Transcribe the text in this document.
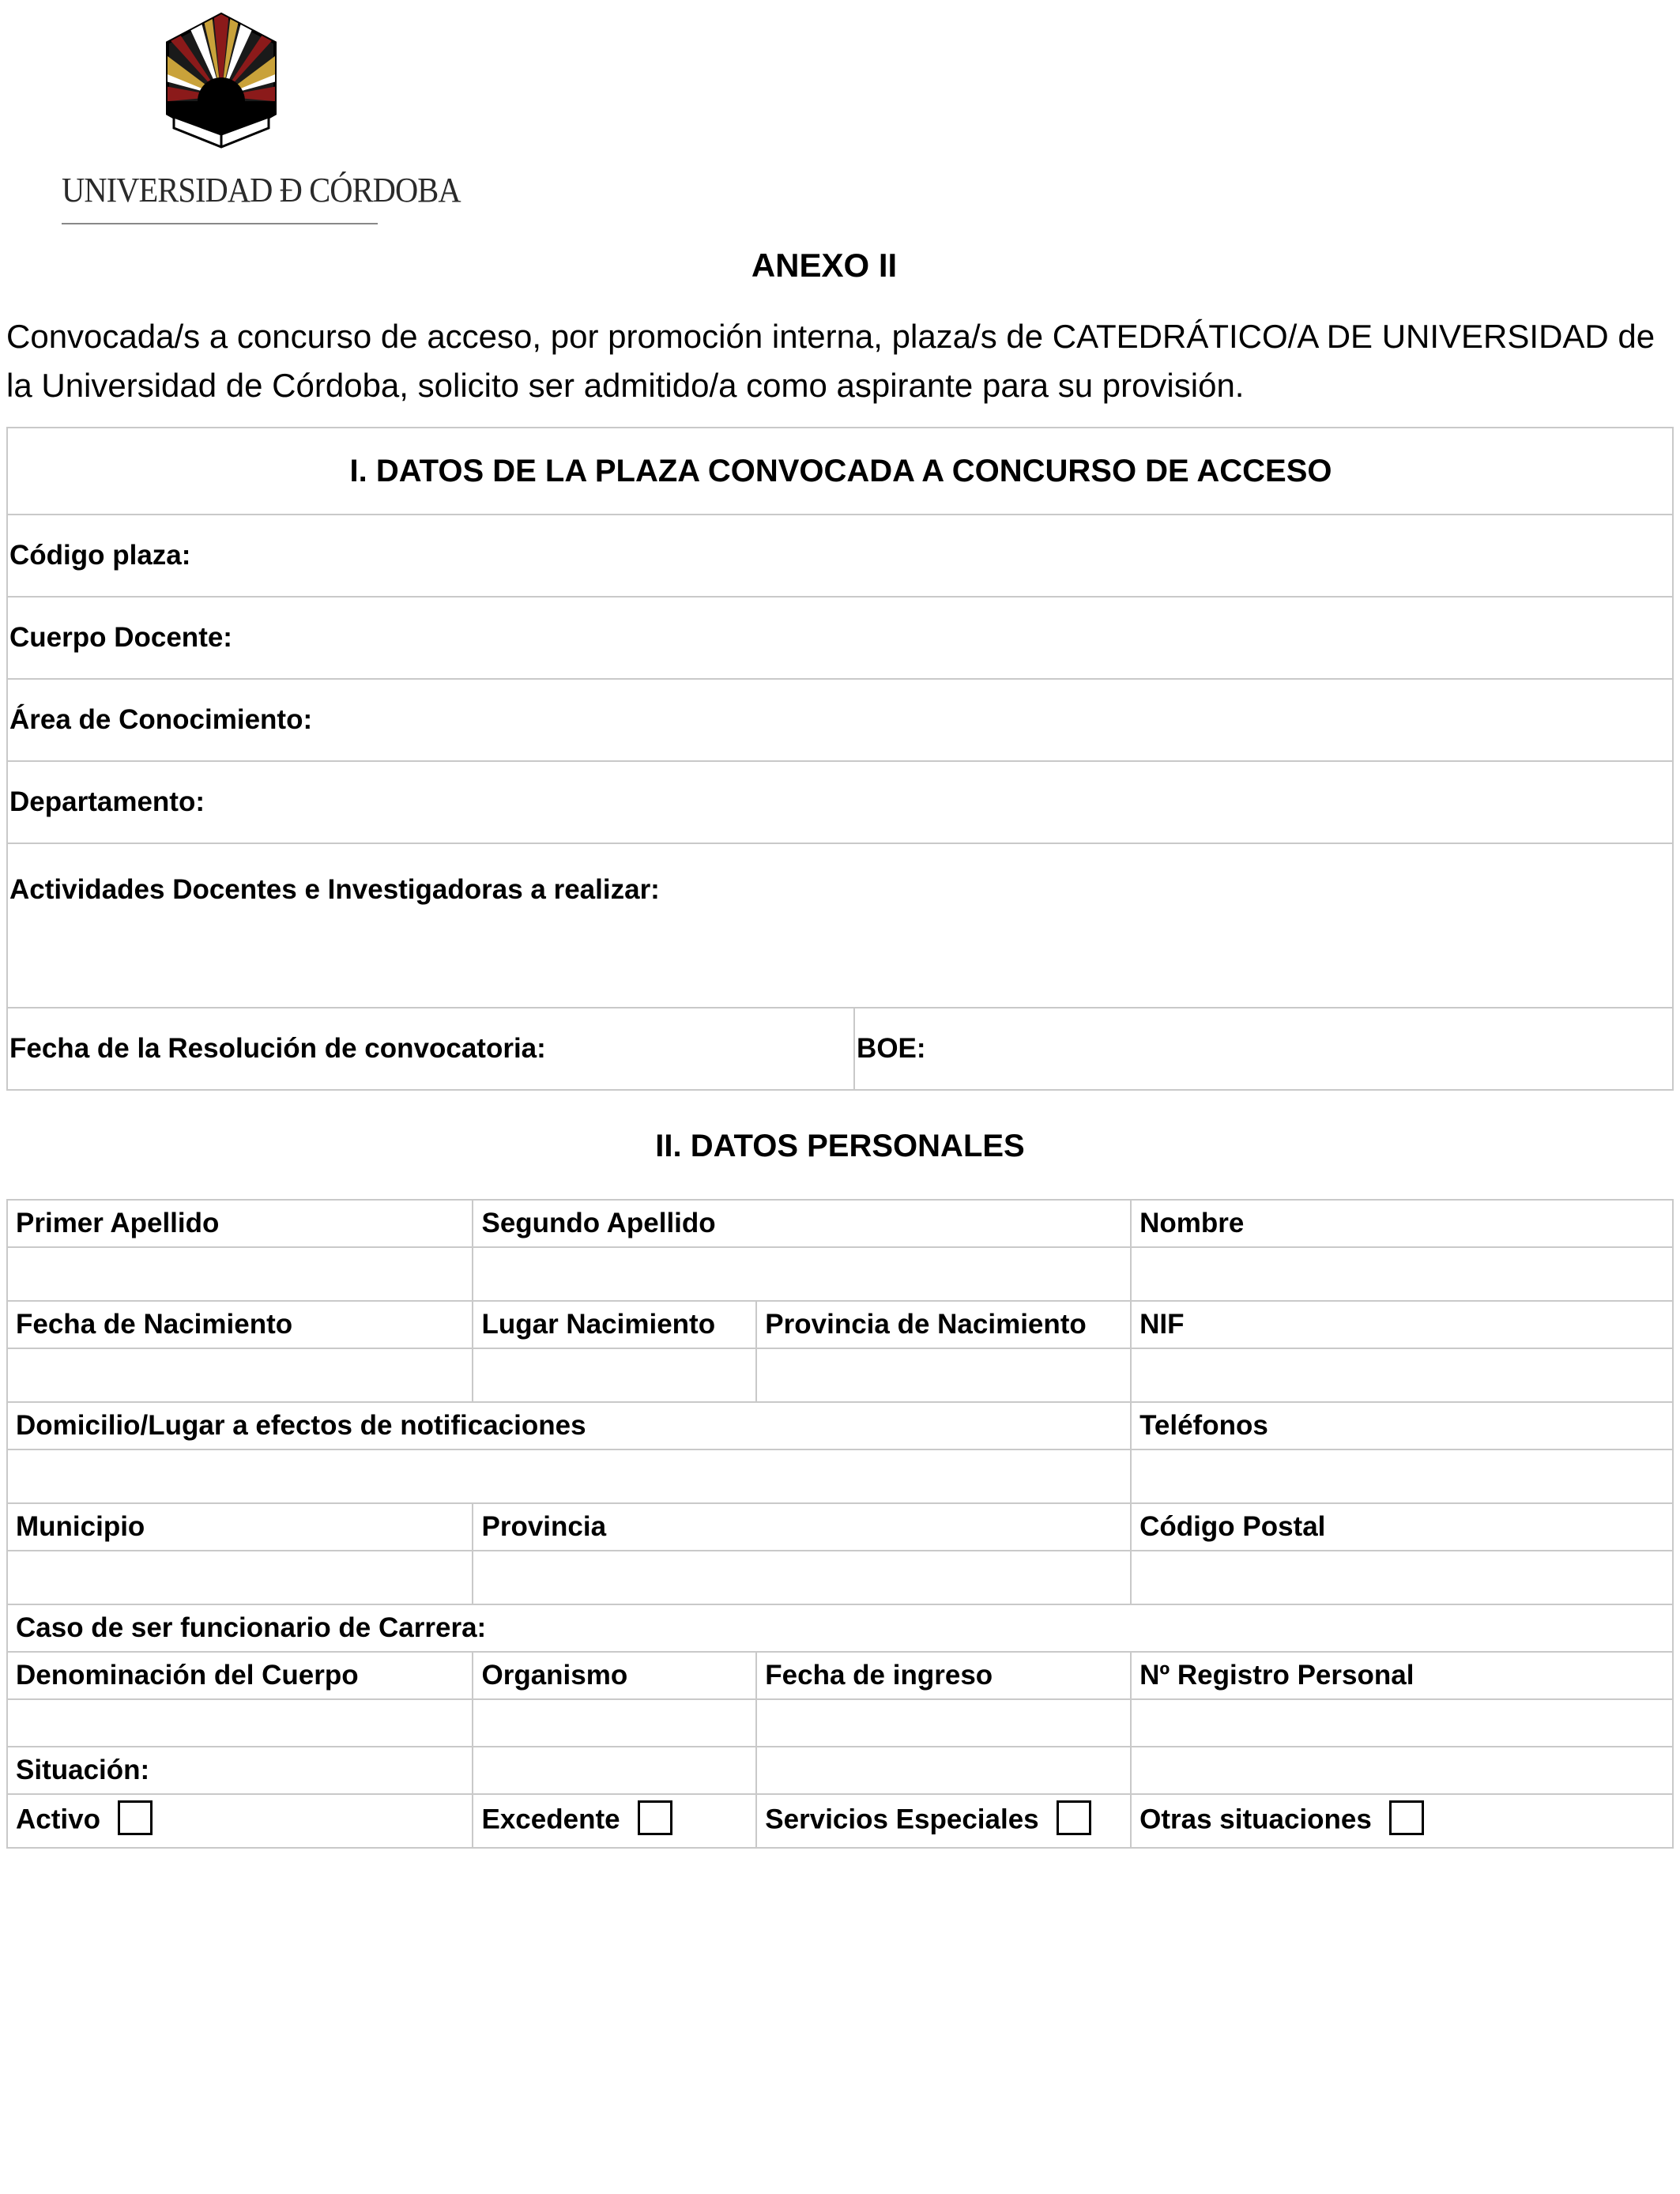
UNIVERSIDAD Ð CÓRDOBA
ANEXO II
Convocada/s a concurso de acceso, por promoción interna, plaza/s de CATEDRÁTICO/A DE UNIVERSIDAD de la Universidad de Córdoba, solicito ser admitido/a como aspirante para su provisión.
I. DATOS DE LA PLAZA CONVOCADA A CONCURSO DE ACCESO
Código plaza:
Cuerpo Docente:
Área de Conocimiento:
Departamento:
Actividades Docentes e Investigadoras a realizar:
Fecha de la Resolución de convocatoria:	BOE:
II. DATOS PERSONALES
Primer Apellido	Segundo Apellido		Nombre

Fecha de Nacimiento	Lugar Nacimiento	Provincia de Nacimiento	NIF

Domicilio/Lugar a efectos de notificaciones			Teléfonos

Municipio	Provincia		Código Postal

Caso de ser funcionario de Carrera:			
Denominación del Cuerpo	Organismo	Fecha de ingreso	Nº Registro Personal

Situación:			
Activo	Excedente	Servicios Especiales	Otras situaciones
